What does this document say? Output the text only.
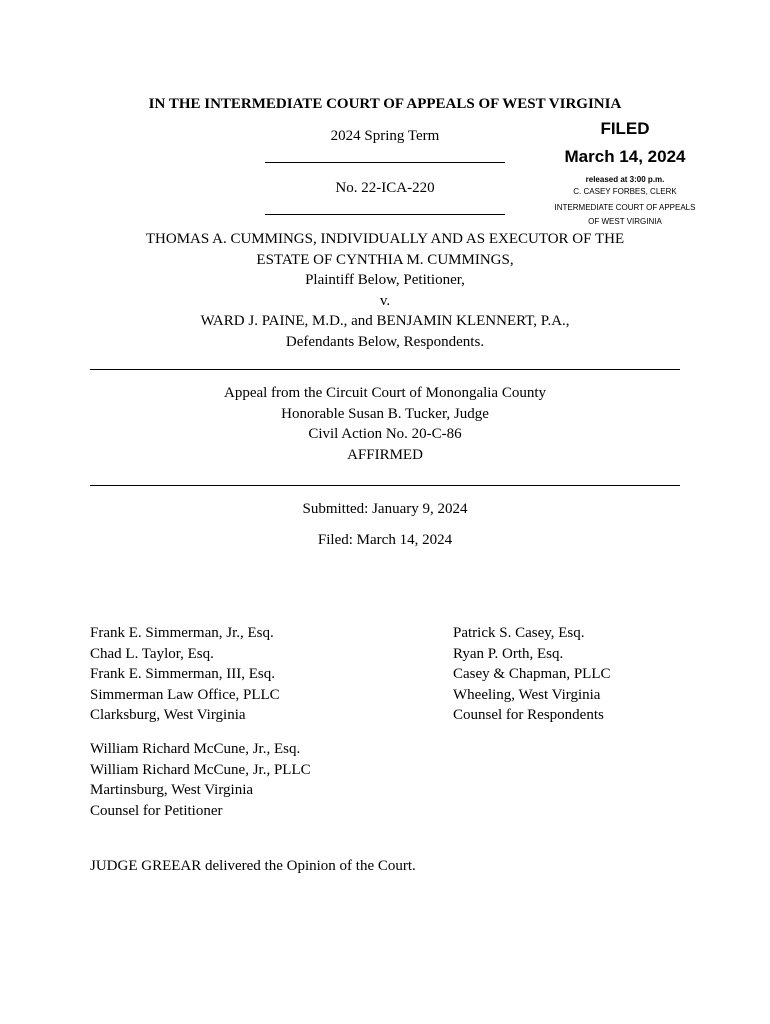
IN THE INTERMEDIATE COURT OF APPEALS OF WEST VIRGINIA
2024 Spring Term
No. 22-ICA-220
FILED
March 14, 2024
released at 3:00 p.m.
C. CASEY FORBES, CLERK
INTERMEDIATE COURT OF APPEALS
OF WEST VIRGINIA
THOMAS A. CUMMINGS, INDIVIDUALLY AND AS EXECUTOR OF THE
ESTATE OF CYNTHIA M. CUMMINGS,
Plaintiff Below, Petitioner,
v.
WARD J. PAINE, M.D., and BENJAMIN KLENNERT, P.A.,
Defendants Below, Respondents.
Appeal from the Circuit Court of Monongalia County
Honorable Susan B. Tucker, Judge
Civil Action No. 20-C-86
AFFIRMED
Submitted: January 9, 2024
Filed: March 14, 2024
Frank E. Simmerman, Jr., Esq.
Chad L. Taylor, Esq.
Frank E. Simmerman, III, Esq.
Simmerman Law Office, PLLC
Clarksburg, West Virginia
Patrick S. Casey, Esq.
Ryan P. Orth, Esq.
Casey & Chapman, PLLC
Wheeling, West Virginia
Counsel for Respondents
William Richard McCune, Jr., Esq.
William Richard McCune, Jr., PLLC
Martinsburg, West Virginia
Counsel for Petitioner
JUDGE GREEAR delivered the Opinion of the Court.
